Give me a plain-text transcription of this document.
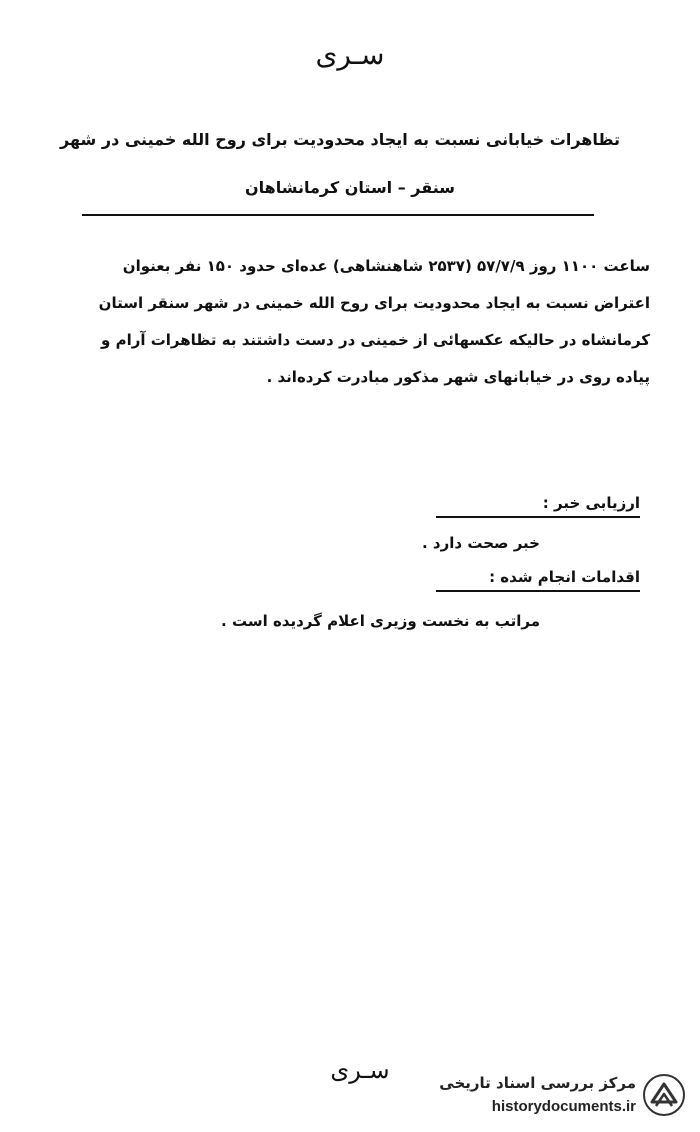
سـری
تظاهرات خیابانی نسبت به ایجاد محدودیت برای روح الله خمینی در شهر
سنقر – استان کرمانشاهان
ساعت ۱۱۰۰ روز ۵۷/۷/۹ (۲۵۳۷ شاهنشاهی) عده‌ای حدود ۱۵۰ نفر بعنوان
اعتراض نسبت به ایجاد محدودیت برای روح الله خمینی در شهر سنقر استان
کرمانشاه در حالیکه عکسهائی از خمینی در دست داشتند به تظاهرات آرام و
پیاده روی در خیابانهای شهر مذکور مبادرت کرده‌اند .
ارزیابی خبر :
خبر صحت دارد .
اقدامات انجام شده :
مراتب به نخست وزیری اعلام گردیده است .
سـری	مرکز بررسی اسناد تاریخی
historydocuments.ir
